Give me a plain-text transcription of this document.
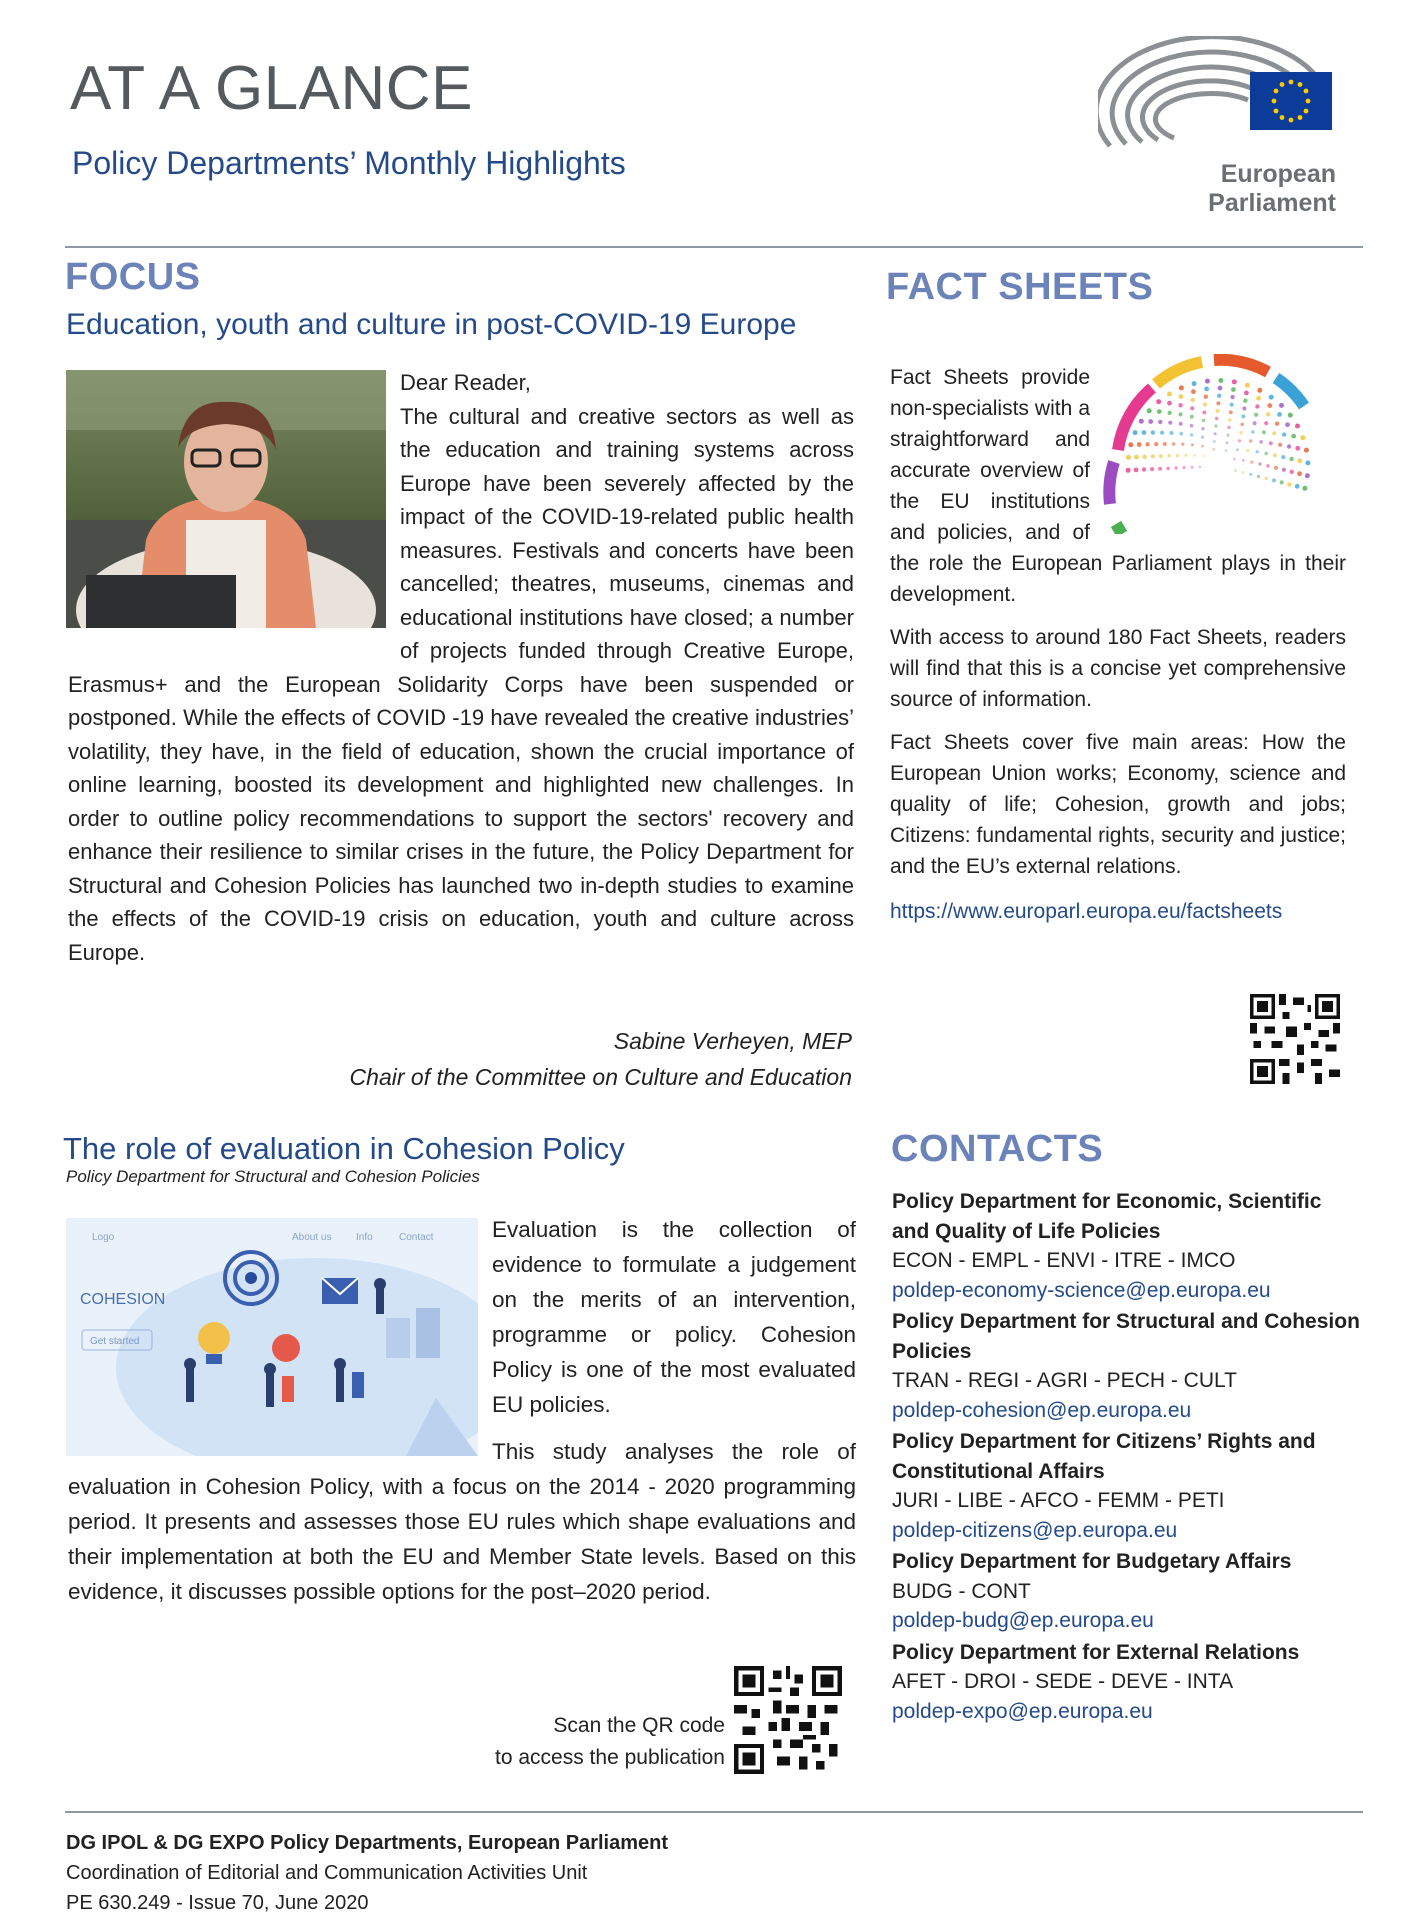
AT A GLANCE
Policy Departments’ Monthly Highlights	European Parliament
FOCUS
Education, youth and culture in post-COVID-19 Europe

Dear Reader,

The cultural and creative sectors as well as the education and training systems across Europe have been severely affected by the impact of the COVID-19-related public health measures. Festivals and concerts have been cancelled; theatres, museums, cinemas and educational institutions have closed; a number of projects funded through Creative Europe, Erasmus+ and the European Solidarity Corps have been suspended or postponed. While the effects of COVID -19 have revealed the creative industries’ volatility, they have, in the field of education, shown the crucial importance of online learning, boosted its development and highlighted new challenges. In order to outline policy recommendations to support the sectors' recovery and enhance their resilience to similar crises in the future, the Policy Department for Structural and Cohesion Policies has launched two in-depth studies to examine the effects of the COVID-19 crisis on education, youth and culture across Europe.

Sabine Verheyen, MEP
Chair of the Committee on Culture and Education
The role of evaluation in Cohesion Policy
Policy Department for Structural and Cohesion Policies
Logo	About us Info	Contact
COHESION
Get started

Evaluation is the collection of evidence to formulate a judgement on the merits of an intervention, programme or policy. Cohesion Policy is one of the most evaluated EU policies.

This study analyses the role of evaluation in Cohesion Policy, with a focus on the 2014 - 2020 programming period. It presents and assesses those EU rules which shape evaluations and their implementation at both the EU and Member State levels. Based on this evidence, it discusses possible options for the post–2020 period.

Scan the QR code
to access the publication
FACT SHEETS

Fact Sheets provide non-specialists with a straightforward and accurate overview of the EU institutions and policies, and of the role the European Parliament plays in their development.

With access to around 180 Fact Sheets, readers will find that this is a concise yet comprehensive source of information.

Fact Sheets cover five main areas: How the European Union works; Economy, science and quality of life; Cohesion, growth and jobs; Citizens: fundamental rights, security and justice; and the EU’s external relations.

https://www.europarl.europa.eu/factsheets
CONTACTS
Policy Department for Economic, Scientific and Quality of Life Policies
ECON - EMPL - ENVI - ITRE - IMCO
poldep-economy-science@ep.europa.eu
Policy Department for Structural and Cohesion Policies
TRAN - REGI - AGRI - PECH - CULT
poldep-cohesion@ep.europa.eu
Policy Department for Citizens’ Rights and Constitutional Affairs
JURI - LIBE - AFCO - FEMM - PETI
poldep-citizens@ep.europa.eu
Policy Department for Budgetary Affairs
BUDG - CONT
poldep-budg@ep.europa.eu
Policy Department for External Relations
AFET - DROI - SEDE - DEVE - INTA
poldep-expo@ep.europa.eu
DG IPOL & DG EXPO Policy Departments, European Parliament
Coordination of Editorial and Communication Activities Unit
PE 630.249 - Issue 70, June 2020
